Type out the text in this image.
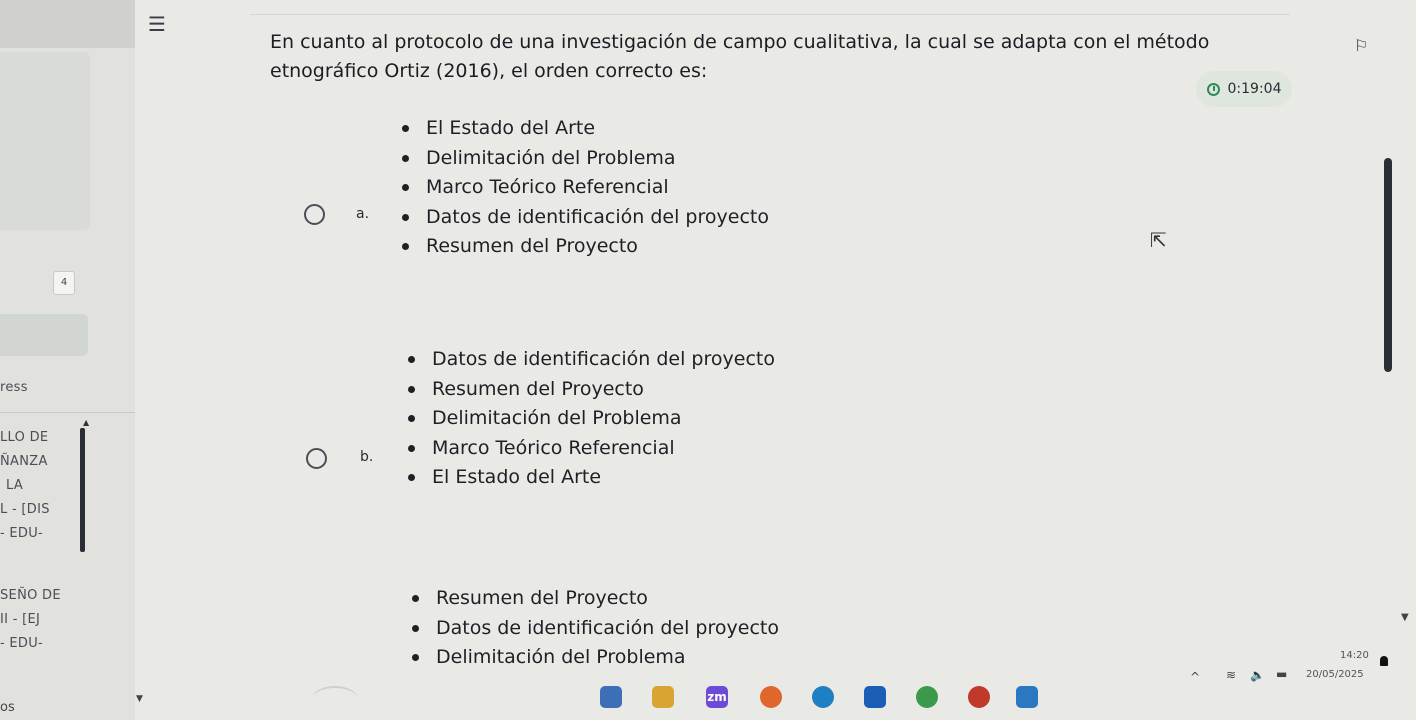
4
ress
LLO DE
ÑANZA
LA
L - [DIS
- EDU-
SEÑO DE
II - [EJ
- EDU-
▲
▼
☰
En cuanto al protocolo de una investigación de campo cualitativa, la cual se adapta con el método etnográfico Ortiz (2016), el orden correcto es:
⚐
0:19:04
⇱
▼
a.
El Estado del Arte
Delimitación del Problema
Marco Teórico Referencial
Datos de identificación del proyecto
Resumen del Proyecto
b.
Datos de identificación del proyecto
Resumen del Proyecto
Delimitación del Problema
Marco Teórico Referencial
El Estado del Arte
Resumen del Proyecto
Datos de identificación del proyecto
Delimitación del Problema
os
zm
^ ≋ 🔈 ▬
14:20
20/05/2025
